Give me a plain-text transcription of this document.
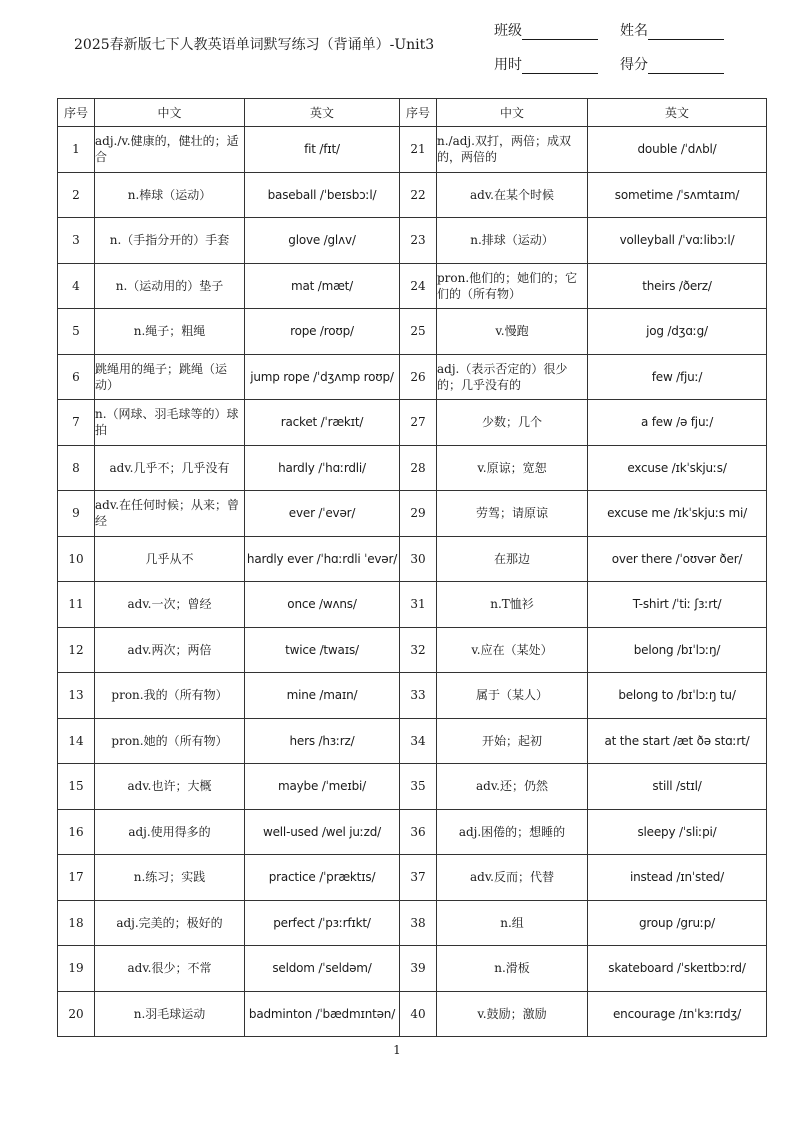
2025春新版七下人教英语单词默写练习（背诵单）-Unit3
班级	姓名
用时	得分
序号	中文	英文	序号	中文	英文
1	adj./v.健康的，健壮的；适合	fit /fɪt/	21	n./adj.双打，两倍；成双的，两倍的	double /ˈdʌbl/
2	n.棒球（运动）	baseball /ˈbeɪsbɔːl/	22	adv.在某个时候	sometime /ˈsʌmtaɪm/
3	n.（手指分开的）手套	glove /glʌv/	23	n.排球（运动）	volleyball /ˈvɑːlibɔːl/
4	n.（运动用的）垫子	mat /mæt/	24	pron.他们的；她们的；它们的（所有物）	theirs /ðerz/
5	n.绳子；粗绳	rope /roʊp/	25	v.慢跑	jog /dʒɑːg/
6	跳绳用的绳子；跳绳（运动）	jump rope /ˈdʒʌmp roʊp/	26	adj.（表示否定的）很少的；几乎没有的	few /fjuː/
7	n.（网球、羽毛球等的）球拍	racket /ˈrækɪt/	27	少数；几个	a few /ə fjuː/
8	adv.几乎不；几乎没有	hardly /ˈhɑːrdli/	28	v.原谅；宽恕	excuse /ɪkˈskjuːs/
9	adv.在任何时候；从来；曾经	ever /ˈevər/	29	劳驾；请原谅	excuse me /ɪkˈskjuːs mi/
10	几乎从不	hardly ever /ˈhɑːrdli ˈevər/	30	在那边	over there /ˈoʊvər ðer/
11	adv.一次；曾经	once /wʌns/	31	n.T恤衫	T-shirt /ˈtiː ʃɜːrt/
12	adv.两次；两倍	twice /twaɪs/	32	v.应在（某处）	belong /bɪˈlɔːŋ/
13	pron.我的（所有物）	mine /maɪn/	33	属于（某人）	belong to /bɪˈlɔːŋ tu/
14	pron.她的（所有物）	hers /hɜːrz/	34	开始；起初	at the start /æt ðə stɑːrt/
15	adv.也许；大概	maybe /ˈmeɪbi/	35	adv.还；仍然	still /stɪl/
16	adj.使用得多的	well-used /wel juːzd/	36	adj.困倦的；想睡的	sleepy /ˈsliːpi/
17	n.练习；实践	practice /ˈpræktɪs/	37	adv.反而；代替	instead /ɪnˈsted/
18	adj.完美的；极好的	perfect /ˈpɜːrfɪkt/	38	n.组	group /gruːp/
19	adv.很少；不常	seldom /ˈseldəm/	39	n.滑板	skateboard /ˈskeɪtbɔːrd/
20	n.羽毛球运动	badminton /ˈbædmɪntən/	40	v.鼓励；激励	encourage /ɪnˈkɜːrɪdʒ/
1
